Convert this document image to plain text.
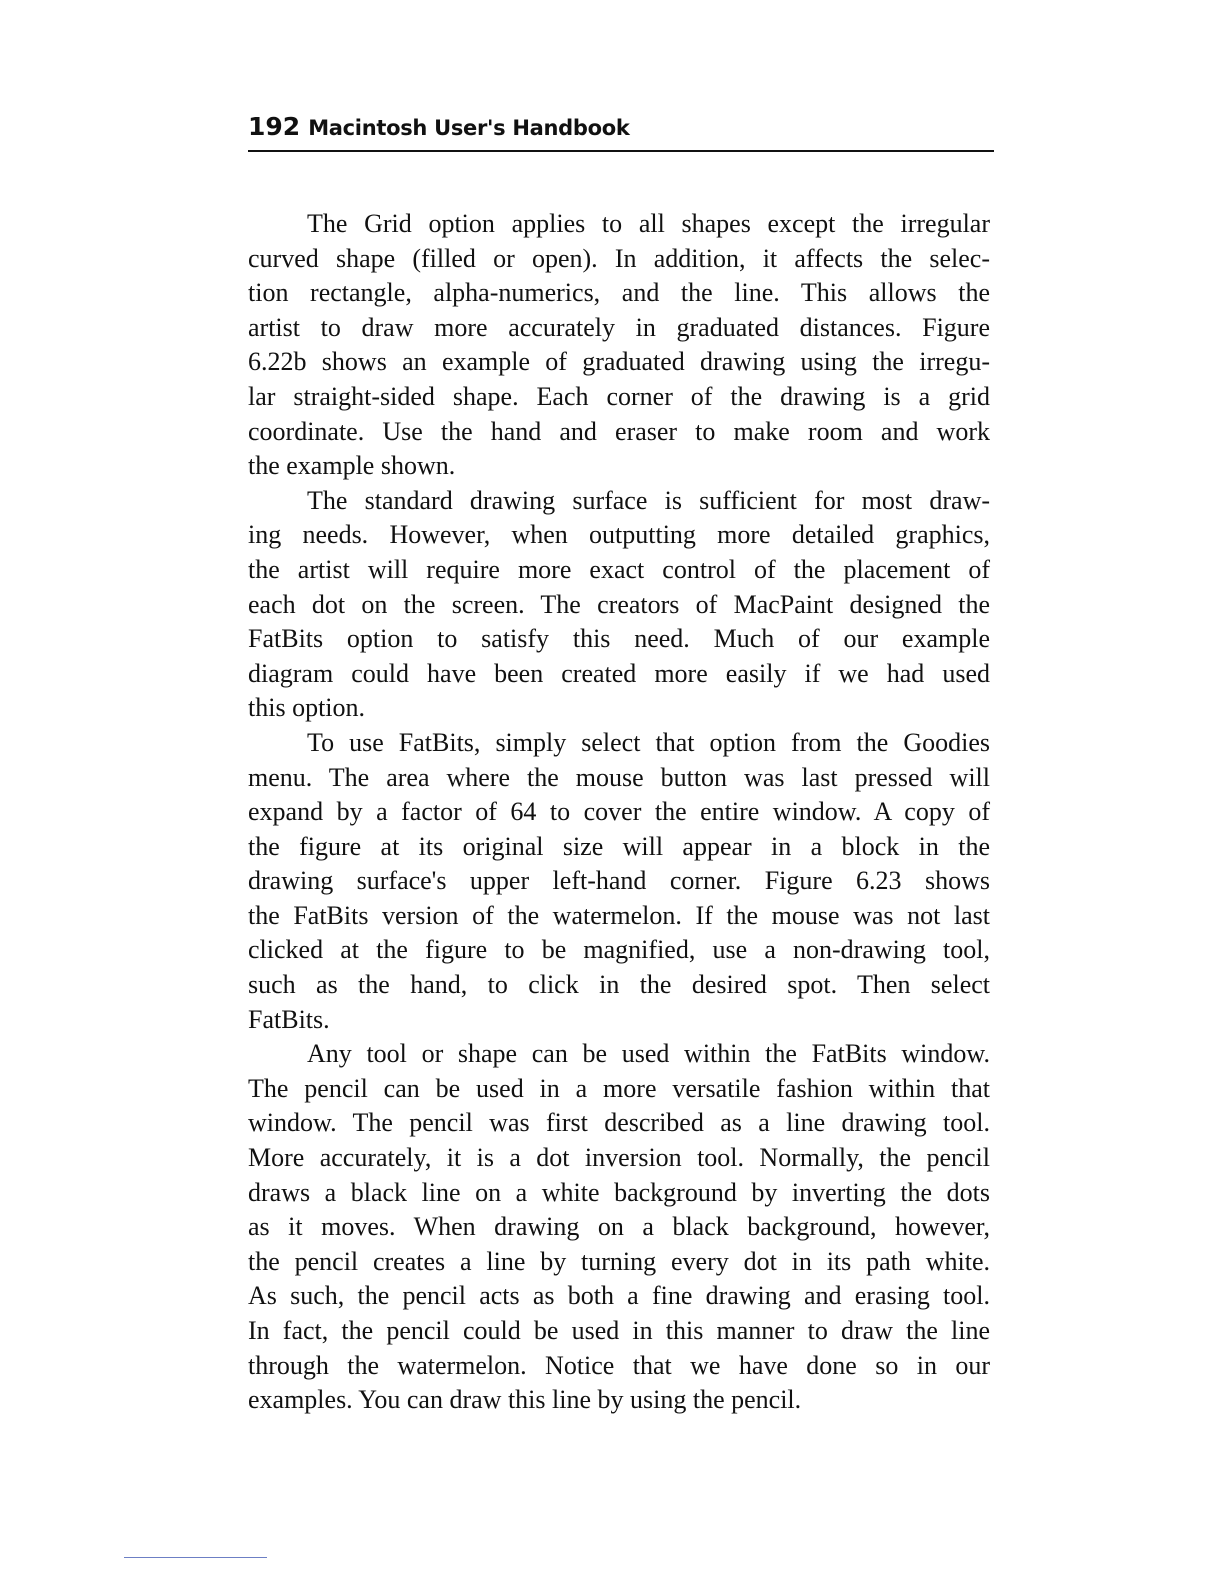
192 Macintosh User's Handbook
The Grid option applies to all shapes except the irregular
curved shape (filled or open). In addition, it affects the selec-
tion rectangle, alpha-numerics, and the line. This allows the
artist to draw more accurately in graduated distances. Figure
6.22b shows an example of graduated drawing using the irregu-
lar straight-sided shape. Each corner of the drawing is a grid
coordinate. Use the hand and eraser to make room and work
the example shown.
The standard drawing surface is sufficient for most draw-
ing needs. However, when outputting more detailed graphics,
the artist will require more exact control of the placement of
each dot on the screen. The creators of MacPaint designed the
FatBits option to satisfy this need. Much of our example
diagram could have been created more easily if we had used
this option.
To use FatBits, simply select that option from the Goodies
menu. The area where the mouse button was last pressed will
expand by a factor of 64 to cover the entire window. A copy of
the figure at its original size will appear in a block in the
drawing surface's upper left-hand corner. Figure 6.23 shows
the FatBits version of the watermelon. If the mouse was not last
clicked at the figure to be magnified, use a non-drawing tool,
such as the hand, to click in the desired spot. Then select
FatBits.
Any tool or shape can be used within the FatBits window.
The pencil can be used in a more versatile fashion within that
window. The pencil was first described as a line drawing tool.
More accurately, it is a dot inversion tool. Normally, the pencil
draws a black line on a white background by inverting the dots
as it moves. When drawing on a black background, however,
the pencil creates a line by turning every dot in its path white.
As such, the pencil acts as both a fine drawing and erasing tool.
In fact, the pencil could be used in this manner to draw the line
through the watermelon. Notice that we have done so in our
examples. You can draw this line by using the pencil.
